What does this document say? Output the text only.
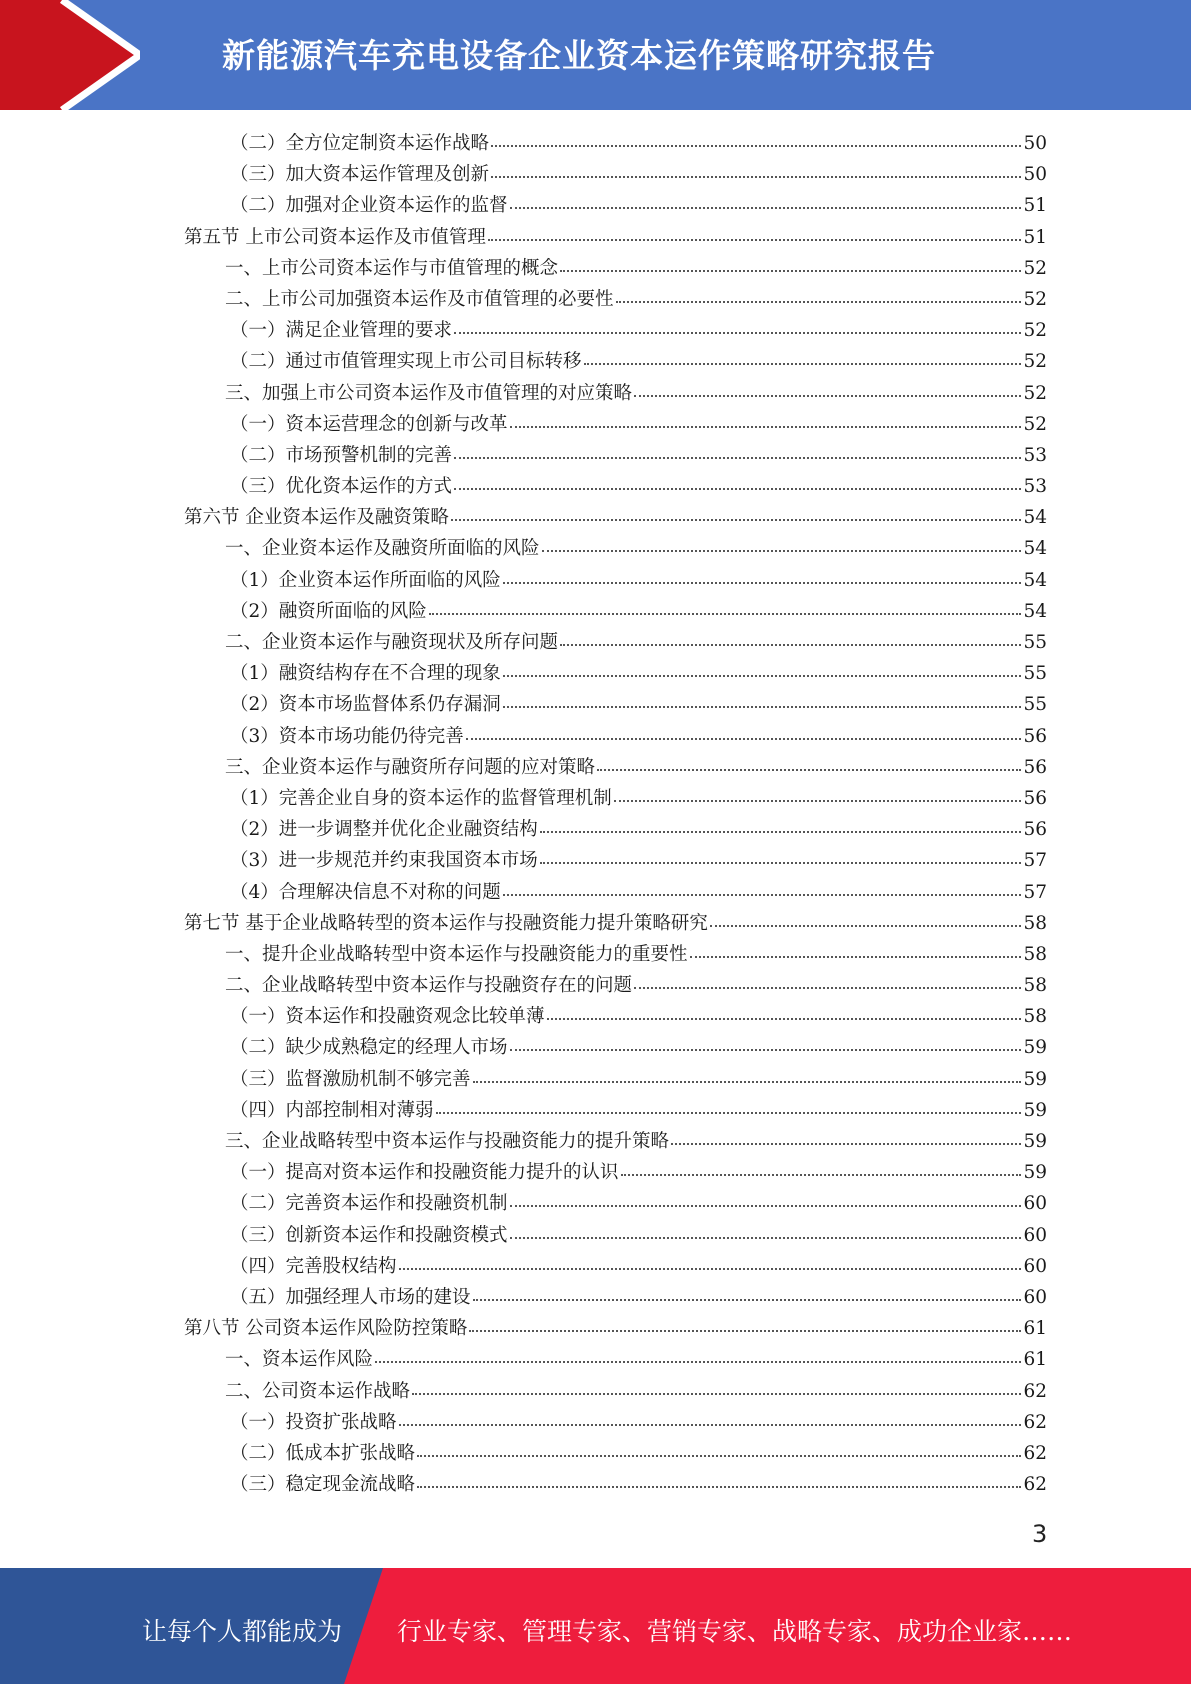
新能源汽车充电设备企业资本运作策略研究报告
（二）全方位定制资本运作战略	50
（三）加大资本运作管理及创新	50
（二）加强对企业资本运作的监督	51
第五节 上市公司资本运作及市值管理	51
一、上市公司资本运作与市值管理的概念	52
二、上市公司加强资本运作及市值管理的必要性	52
（一）满足企业管理的要求	52
（二）通过市值管理实现上市公司目标转移	52
三、加强上市公司资本运作及市值管理的对应策略	52
（一）资本运营理念的创新与改革	52
（二）市场预警机制的完善	53
（三）优化资本运作的方式	53
第六节 企业资本运作及融资策略	54
一、企业资本运作及融资所面临的风险	54
（1）企业资本运作所面临的风险	54
（2）融资所面临的风险	54
二、企业资本运作与融资现状及所存问题	55
（1）融资结构存在不合理的现象	55
（2）资本市场监督体系仍存漏洞	55
（3）资本市场功能仍待完善	56
三、企业资本运作与融资所存问题的应对策略	56
（1）完善企业自身的资本运作的监督管理机制	56
（2）进一步调整并优化企业融资结构	56
（3）进一步规范并约束我国资本市场	57
（4）合理解决信息不对称的问题	57
第七节 基于企业战略转型的资本运作与投融资能力提升策略研究	58
一、提升企业战略转型中资本运作与投融资能力的重要性	58
二、企业战略转型中资本运作与投融资存在的问题	58
（一）资本运作和投融资观念比较单薄	58
（二）缺少成熟稳定的经理人市场	59
（三）监督激励机制不够完善	59
（四）内部控制相对薄弱	59
三、企业战略转型中资本运作与投融资能力的提升策略	59
（一）提高对资本运作和投融资能力提升的认识	59
（二）完善资本运作和投融资机制	60
（三）创新资本运作和投融资模式	60
（四）完善股权结构	60
（五）加强经理人市场的建设	60
第八节 公司资本运作风险防控策略	61
一、资本运作风险	61
二、公司资本运作战略	62
（一）投资扩张战略	62
（二）低成本扩张战略	62
（三）稳定现金流战略	62
3
让每个人都能成为 行业专家、管理专家、营销专家、战略专家、成功企业家……
